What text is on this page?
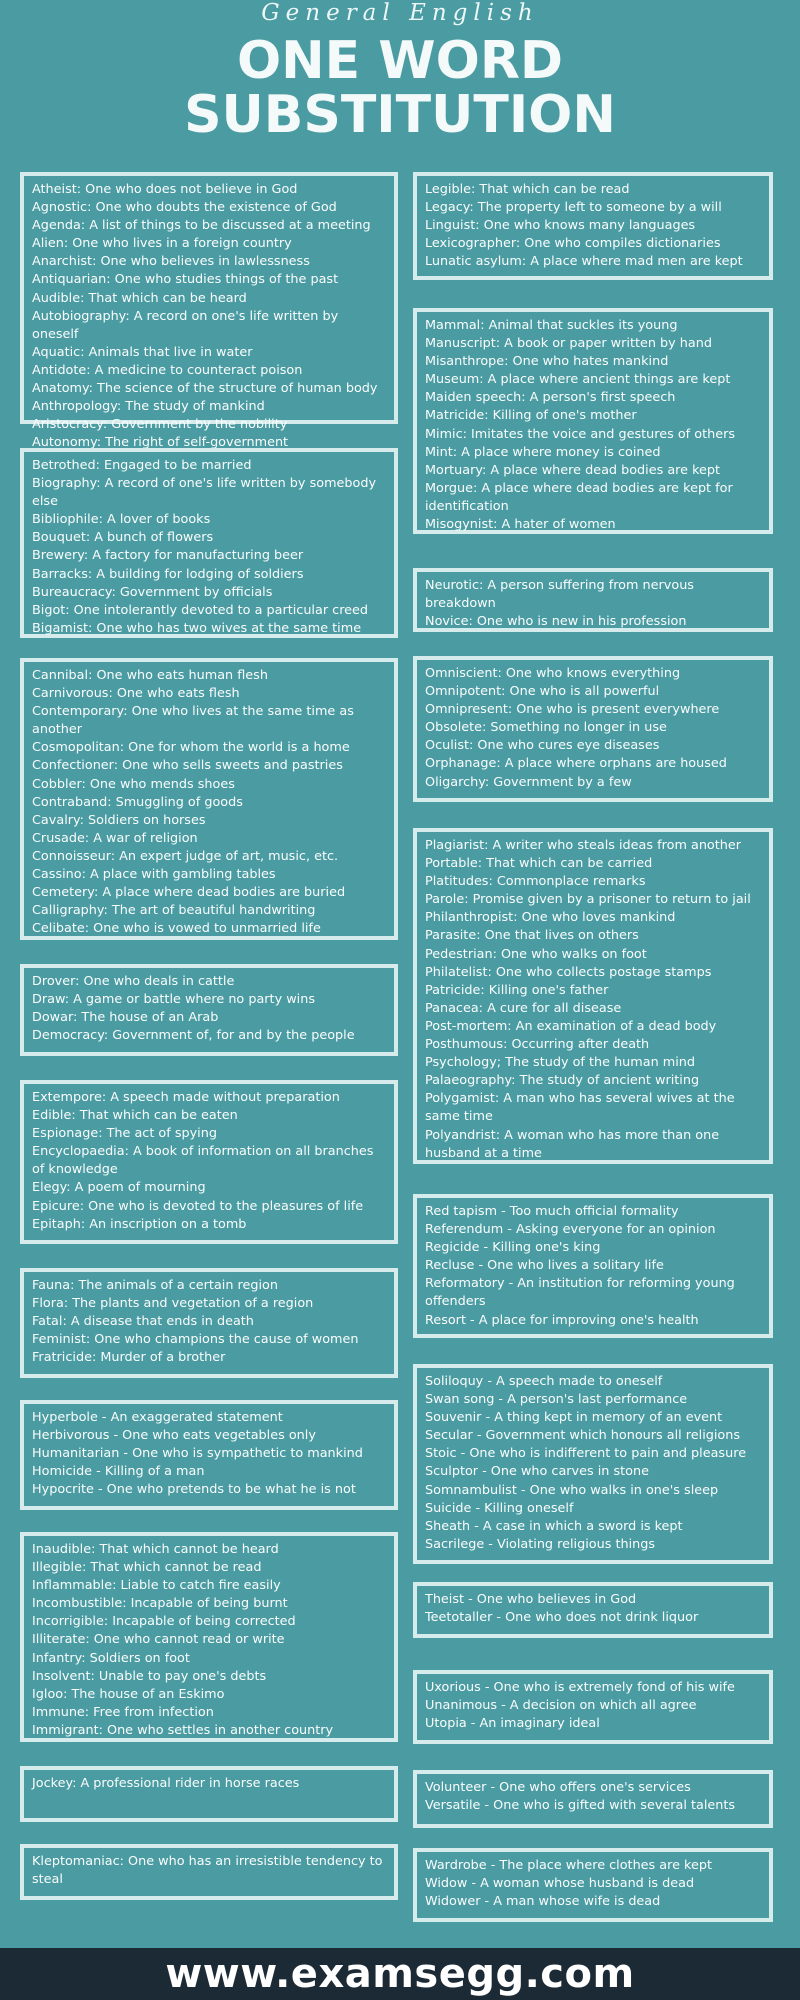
General English
ONE WORD
SUBSTITUTION
Atheist: One who does not believe in God
Agnostic: One who doubts the existence of God
Agenda: A list of things to be discussed at a meeting
Alien: One who lives in a foreign country
Anarchist: One who believes in lawlessness
Antiquarian: One who studies things of the past
Audible: That which can be heard
Autobiography: A record on one's life written by oneself
Aquatic: Animals that live in water
Antidote: A medicine to counteract poison
Anatomy: The science of the structure of human body
Anthropology: The study of mankind
Aristocracy: Government by the nobility
Autonomy: The right of self-government
Betrothed: Engaged to be married
Biography: A record of one's life written by somebody else
Bibliophile: A lover of books
Bouquet: A bunch of flowers
Brewery: A factory for manufacturing beer
Barracks: A building for lodging of soldiers
Bureaucracy: Government by officials
Bigot: One intolerantly devoted to a particular creed
Bigamist: One who has two wives at the same time
Cannibal: One who eats human flesh
Carnivorous: One who eats flesh
Contemporary: One who lives at the same time as another
Cosmopolitan: One for whom the world is a home
Confectioner: One who sells sweets and pastries
Cobbler: One who mends shoes
Contraband: Smuggling of goods
Cavalry: Soldiers on horses
Crusade: A war of religion
Connoisseur: An expert judge of art, music, etc.
Cassino: A place with gambling tables
Cemetery: A place where dead bodies are buried
Calligraphy: The art of beautiful handwriting
Celibate: One who is vowed to unmarried life
Drover: One who deals in cattle
Draw: A game or battle where no party wins
Dowar: The house of an Arab
Democracy: Government of, for and by the people
Extempore: A speech made without preparation
Edible: That which can be eaten
Espionage: The act of spying
Encyclopaedia: A book of information on all branches of knowledge
Elegy: A poem of mourning
Epicure: One who is devoted to the pleasures of life
Epitaph: An inscription on a tomb
Fauna: The animals of a certain region
Flora: The plants and vegetation of a region
Fatal: A disease that ends in death
Feminist: One who champions the cause of women
Fratricide: Murder of a brother
Hyperbole - An exaggerated statement
Herbivorous - One who eats vegetables only
Humanitarian - One who is sympathetic to mankind
Homicide - Killing of a man
Hypocrite - One who pretends to be what he is not
Inaudible: That which cannot be heard
Illegible: That which cannot be read
Inflammable: Liable to catch fire easily
Incombustible: Incapable of being burnt
Incorrigible: Incapable of being corrected
Illiterate: One who cannot read or write
Infantry: Soldiers on foot
Insolvent: Unable to pay one's debts
Igloo: The house of an Eskimo
Immune: Free from infection
Immigrant: One who settles in another country
Jockey: A professional rider in horse races
Kleptomaniac: One who has an irresistible tendency to steal
Legible: That which can be read
Legacy: The property left to someone by a will
Linguist: One who knows many languages
Lexicographer: One who compiles dictionaries
Lunatic asylum: A place where mad men are kept
Mammal: Animal that suckles its young
Manuscript: A book or paper written by hand
Misanthrope: One who hates mankind
Museum: A place where ancient things are kept
Maiden speech: A person's first speech
Matricide: Killing of one's mother
Mimic: Imitates the voice and gestures of others
Mint: A place where money is coined
Mortuary: A place where dead bodies are kept
Morgue: A place where dead bodies are kept for identification
Misogynist: A hater of women
Neurotic: A person suffering from nervous breakdown
Novice: One who is new in his profession
Omniscient: One who knows everything
Omnipotent: One who is all powerful
Omnipresent: One who is present everywhere
Obsolete: Something no longer in use
Oculist: One who cures eye diseases
Orphanage: A place where orphans are housed
Oligarchy: Government by a few
Plagiarist: A writer who steals ideas from another
Portable: That which can be carried
Platitudes: Commonplace remarks
Parole: Promise given by a prisoner to return to jail
Philanthropist: One who loves mankind
Parasite: One that lives on others
Pedestrian: One who walks on foot
Philatelist: One who collects postage stamps
Patricide: Killing one's father
Panacea: A cure for all disease
Post-mortem: An examination of a dead body
Posthumous: Occurring after death
Psychology; The study of the human mind
Palaeography: The study of ancient writing
Polygamist: A man who has several wives at the same time
Polyandrist: A woman who has more than one husband at a time
Red tapism - Too much official formality
Referendum - Asking everyone for an opinion
Regicide - Killing one's king
Recluse - One who lives a solitary life
Reformatory - An institution for reforming young offenders
Resort - A place for improving one's health
Soliloquy - A speech made to oneself
Swan song - A person's last performance
Souvenir - A thing kept in memory of an event
Secular - Government which honours all religions
Stoic - One who is indifferent to pain and pleasure
Sculptor - One who carves in stone
Somnambulist - One who walks in one's sleep
Suicide - Killing oneself
Sheath - A case in which a sword is kept
Sacrilege - Violating religious things
Theist - One who believes in God
Teetotaller - One who does not drink liquor
Uxorious - One who is extremely fond of his wife
Unanimous - A decision on which all agree
Utopia - An imaginary ideal
Volunteer - One who offers one's services
Versatile - One who is gifted with several talents
Wardrobe - The place where clothes are kept
Widow - A woman whose husband is dead
Widower - A man whose wife is dead
www.examsegg.com
